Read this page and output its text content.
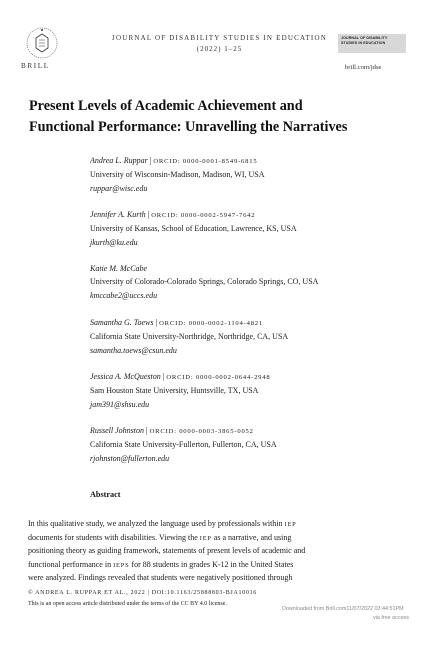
BRILL
JOURNAL OF DISABILITY STUDIES IN EDUCATION
(2022) 1–25
JOURNAL OF DISABILITY
STUDIES IN EDUCATION
brill.com/jdse
Present Levels of Academic Achievement and
Functional Performance: Unravelling the Narratives
Andrea L. Ruppar | ORCID: 0000-0001-8549-6815
University of Wisconsin-Madison, Madison, WI, USA
ruppar@wisc.edu
Jennifer A. Kurth | ORCID: 0000-0002-5947-7642
University of Kansas, School of Education, Lawrence, KS, USA
jkurth@ku.edu
Katie M. McCabe
University of Colorado-Colorado Springs, Colorado Springs, CO, USA
kmccabe2@uccs.edu
Samantha G. Toews | ORCID: 0000-0002-1104-4821
California State University-Northridge, Northridge, CA, USA
samantha.toews@csun.edu
Jessica A. McQueston | ORCID: 0000-0002-0644-2948
Sam Houston State University, Huntsville, TX, USA
jam391@shsu.edu
Russell Johnston | ORCID: 0000-0003-3865-0052
California State University-Fullerton, Fullerton, CA, USA
rjohnston@fullerton.edu
Abstract
In this qualitative study, we analyzed the language used by professionals within IEP
documents for students with disabilities. Viewing the IEP as a narrative, and using
positioning theory as guiding framework, statements of present levels of academic and
functional performance in IEPS for 88 students in grades K-12 in the United States
were analyzed. Findings revealed that students were negatively positioned through
© ANDREA L. RUPPAR ET AL., 2022 | DOI:10.1163/25888803-BJA10016
This is an open access article distributed under the terms of the CC BY 4.0 license.
Downloaded from Brill.com11/07/2022 03:44:51PM
via free access
